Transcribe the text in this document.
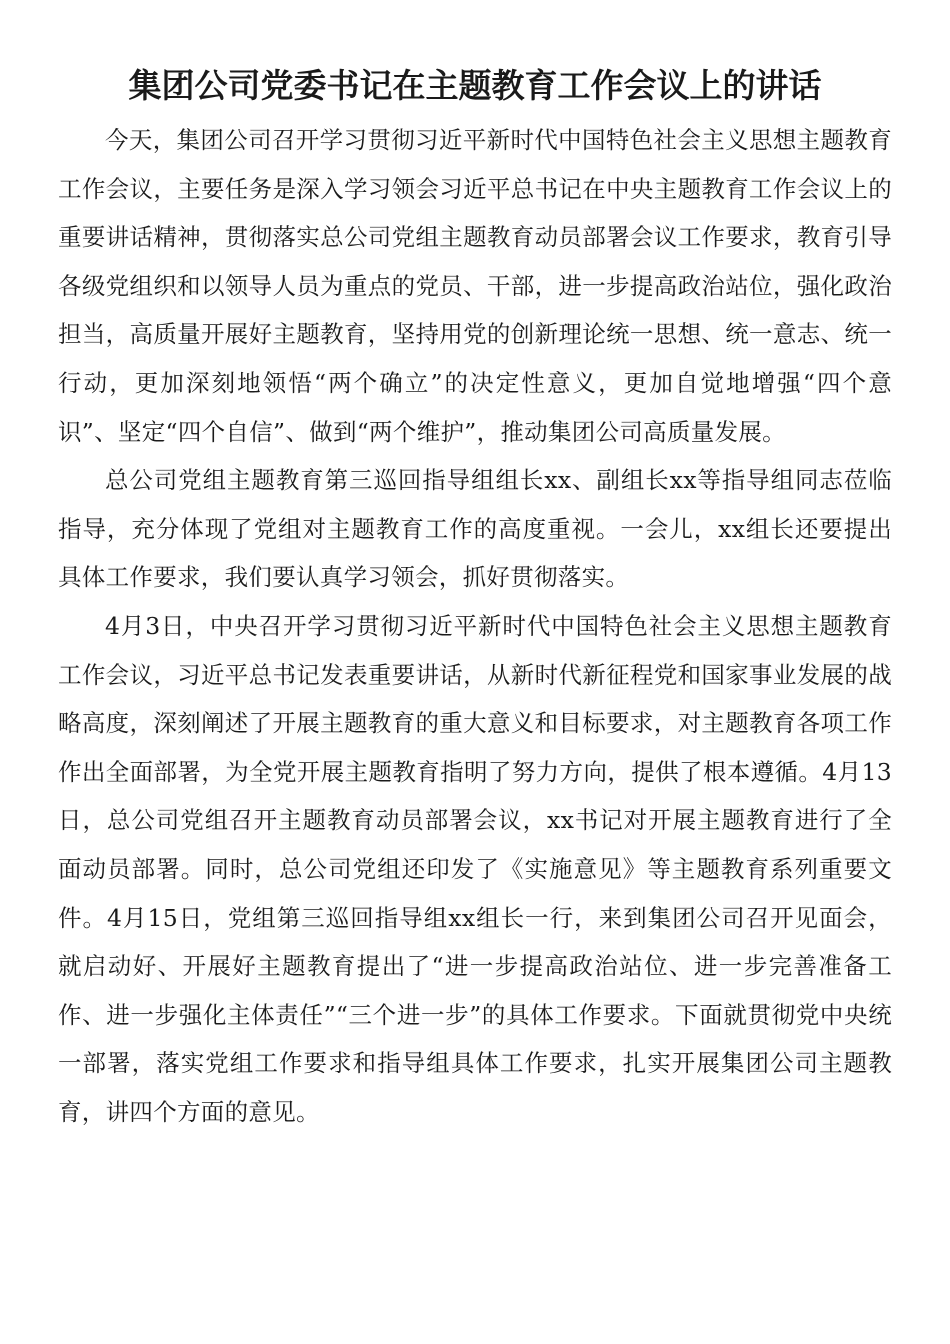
集团公司党委书记在主题教育工作会议上的讲话

今天，集团公司召开学习贯彻习近平新时代中国特色社会主义思想主题教育工作会议，主要任务是深入学习领会习近平总书记在中央主题教育工作会议上的重要讲话精神，贯彻落实总公司党组主题教育动员部署会议工作要求，教育引导各级党组织和以领导人员为重点的党员、干部，进一步提高政治站位，强化政治担当，高质量开展好主题教育，坚持用党的创新理论统一思想、统一意志、统一行动，更加深刻地领悟“两个确立”的决定性意义，更加自觉地增强“四个意识”、坚定“四个自信”、做到“两个维护”，推动集团公司高质量发展。

总公司党组主题教育第三巡回指导组组长xx、副组长xx等指导组同志莅临指导，充分体现了党组对主题教育工作的高度重视。一会儿，xx组长还要提出具体工作要求，我们要认真学习领会，抓好贯彻落实。

4月3日，中央召开学习贯彻习近平新时代中国特色社会主义思想主题教育工作会议，习近平总书记发表重要讲话，从新时代新征程党和国家事业发展的战略高度，深刻阐述了开展主题教育的重大意义和目标要求，对主题教育各项工作作出全面部署，为全党开展主题教育指明了努力方向，提供了根本遵循。4月13日，总公司党组召开主题教育动员部署会议，xx书记对开展主题教育进行了全面动员部署。同时，总公司党组还印发了《实施意见》等主题教育系列重要文件。4月15日，党组第三巡回指导组xx组长一行，来到集团公司召开见面会，就启动好、开展好主题教育提出了“进一步提高政治站位、进一步完善准备工作、进一步强化主体责任”“三个进一步”的具体工作要求。下面就贯彻党中央统一部署，落实党组工作要求和指导组具体工作要求，扎实开展集团公司主题教育，讲四个方面的意见。
